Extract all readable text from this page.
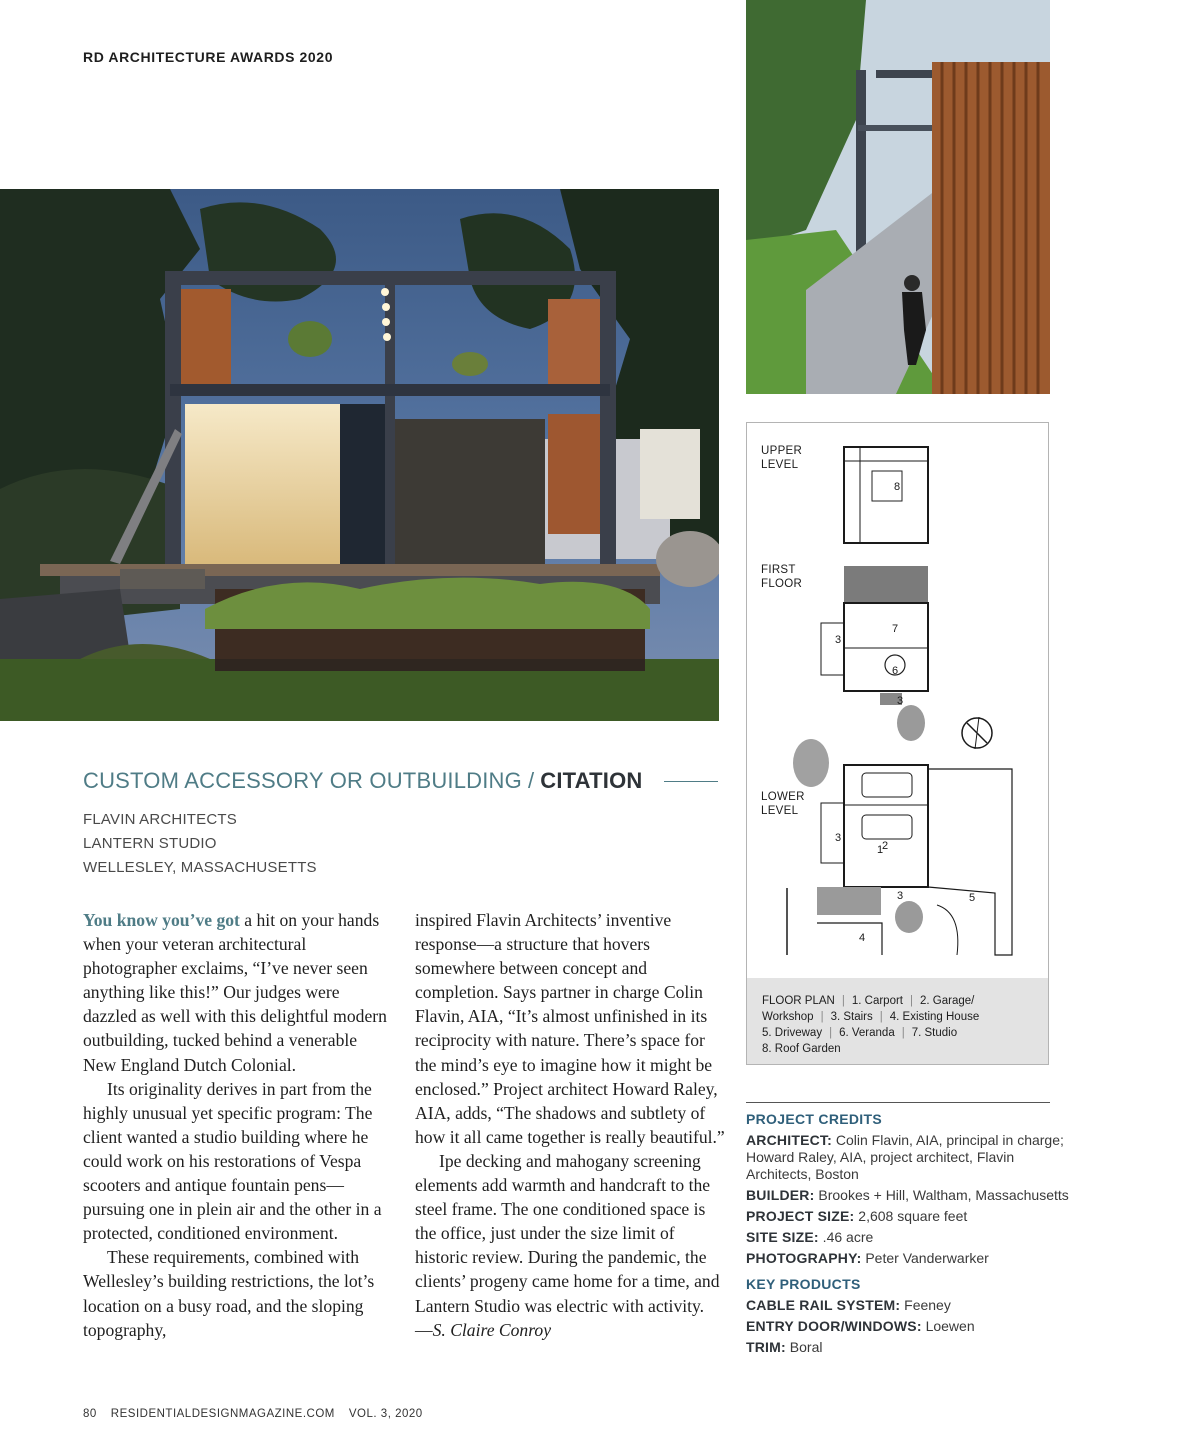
RD ARCHITECTURE AWARDS 2020
CUSTOM ACCESSORY OR OUTBUILDING / CITATION
FLAVIN ARCHITECTS
LANTERN STUDIO
WELLESLEY, MASSACHUSETTS

You know you’ve got a hit on your hands when your veteran architectural photographer exclaims, “I’ve never seen anything like this!” Our judges were dazzled as well with this delightful modern outbuilding, tucked behind a venerable New England Dutch Colonial.

Its originality derives in part from the highly unusual yet specific program: The client wanted a studio building where he could work on his restorations of Vespa scooters and antique fountain pens—pursuing one in plein air and the other in a protected, conditioned environment.

These requirements, combined with Wellesley’s building restrictions, the lot’s location on a busy road, and the sloping topography,

inspired Flavin Architects’ inventive response—a structure that hovers somewhere between concept and completion. Says partner in charge Colin Flavin, AIA, “It’s almost unfinished in its reciprocity with nature. There’s space for the mind’s eye to imagine how it might be enclosed.” Project architect Howard Raley, AIA, adds, “The shadows and subtlety of how it all came together is really beautiful.”

Ipe decking and mahogany screening elements add warmth and handcraft to the steel frame. The one conditioned space is the office, just under the size limit of historic review. During the pandemic, the clients’ progeny came home for a time, and Lantern Studio was electric with activity. —S. Claire Conroy

1
2
3
3
3
3
4
5
6
7
8
UPPER
LEVEL
FIRST
FLOOR
LOWER
LEVEL
FLOOR PLAN | 1. Carport | 2. Garage/ Workshop | 3. Stairs | 4. Existing House
5. Driveway | 6. Veranda | 7. Studio
8. Roof Garden
PROJECT CREDITS
ARCHITECT: Colin Flavin, AIA, principal in charge; Howard Raley, AIA, project architect, Flavin Architects, Boston
BUILDER: Brookes + Hill, Waltham, Massachusetts
PROJECT SIZE: 2,608 square feet
SITE SIZE: .46 acre
PHOTOGRAPHY: Peter Vanderwarker
KEY PRODUCTS
CABLE RAIL SYSTEM: Feeney
ENTRY DOOR/WINDOWS: Loewen
TRIM: Boral
80 RESIDENTIALDESIGNMAGAZINE.COM VOL. 3, 2020
